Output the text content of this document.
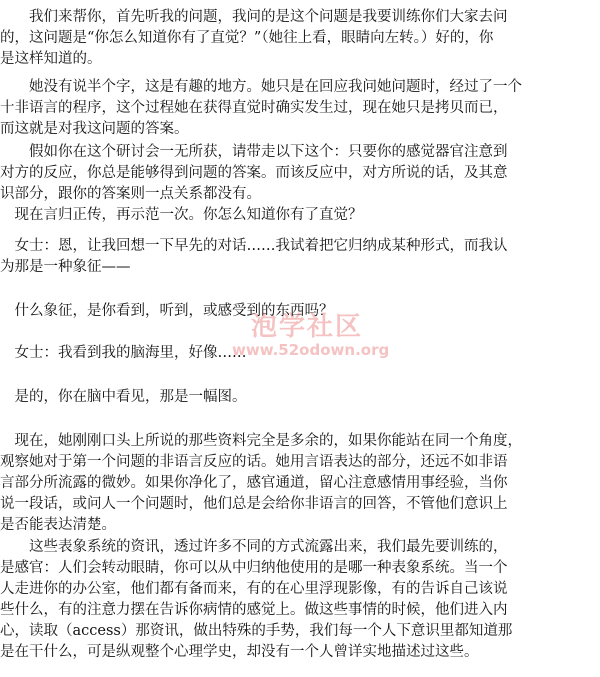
泡学社区
www.52odown.org
　　我们来帮你，首先听我的问题，我问的是这个问题是我要训练你们大家去问
的，这问题是“你怎么知道你有了直觉？”（她往上看，眼睛向左转。）好的，你
是这样知道的。
　　她没有说半个字，这是有趣的地方。她只是在回应我问她问题时，经过了一个
十非语言的程序，这个过程她在获得直觉时确实发生过，现在她只是拷贝而已，
而这就是对我这问题的答案。
　　假如你在这个研讨会一无所获，请带走以下这个：只要你的感觉器官注意到
对方的反应，你总是能够得到问题的答案。而该反应中，对方所说的话，及其意
识部分，跟你的答案则一点关系都没有。
　现在言归正传，再示范一次。你怎么知道你有了直觉？
　女士：恩，让我回想一下早先的对话……我试着把它归纳成某种形式，而我认
为那是一种象征——
　什么象征，是你看到，听到，或感受到的东西吗？
　女士：我看到我的脑海里，好像……
　是的，你在脑中看见，那是一幅图。
　现在，她刚刚口头上所说的那些资料完全是多余的，如果你能站在同一个角度，
观察她对于第一个问题的非语言反应的话。她用言语表达的部分，还远不如非语
言部分所流露的微妙。如果你净化了，感官通道，留心注意感情用事经验，当你
说一段话，或问人一个问题时，他们总是会给你非语言的回答，不管他们意识上
是否能表达清楚。
　　这些表象系统的资讯，透过许多不同的方式流露出来，我们最先要训练的，
是感官：人们会转动眼睛，你可以从中归纳他使用的是哪一种表象系统。当一个
人走进你的办公室，他们都有备而来，有的在心里浮现影像，有的告诉自己该说
些什么，有的注意力摆在告诉你病情的感觉上。做这些事情的时候，他们进入内
心，读取（access）那资讯，做出特殊的手势，我们每一个人下意识里都知道那
是在干什么，可是纵观整个心理学史，却没有一个人曾详实地描述过这些。
